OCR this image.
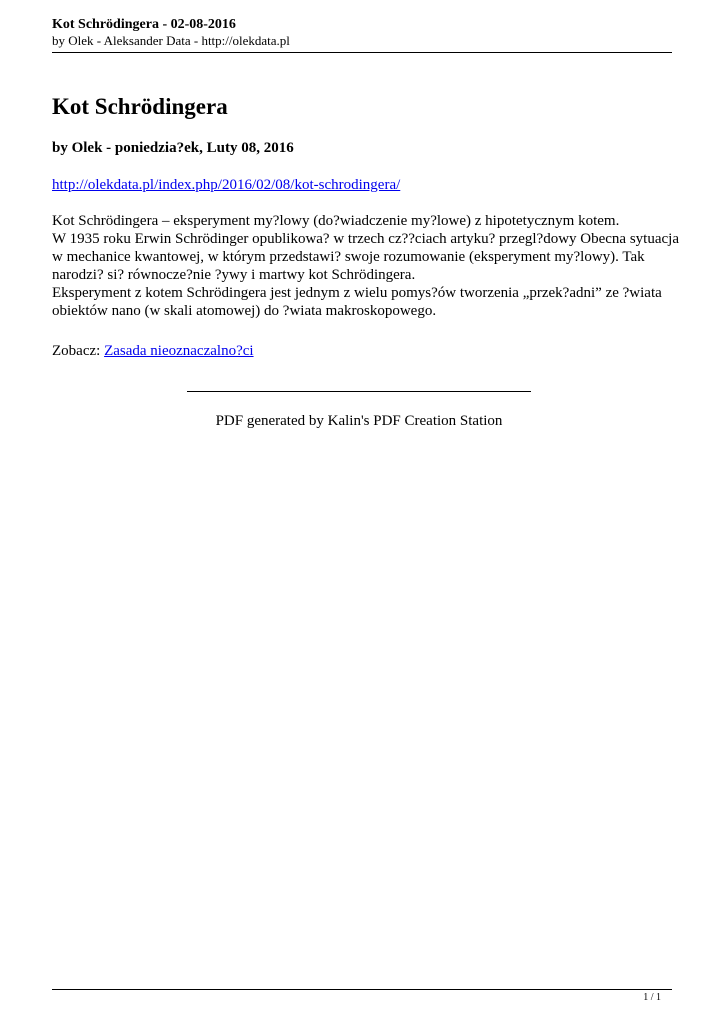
Kot Schrödingera - 02-08-2016
by Olek - Aleksander Data - http://olekdata.pl
Kot Schrödingera
by Olek - poniedzia?ek, Luty 08, 2016
http://olekdata.pl/index.php/2016/02/08/kot-schrodingera/
Kot Schrödingera – eksperyment my?lowy (do?wiadczenie my?lowe) z hipotetycznym kotem.
W 1935 roku Erwin Schrödinger opublikowa? w trzech cz??ciach artyku? przegl?dowy Obecna sytuacja
w mechanice kwantowej, w którym przedstawi? swoje rozumowanie (eksperyment my?lowy). Tak
narodzi? si? równocze?nie ?ywy i martwy kot Schrödingera.
Eksperyment z kotem Schrödingera jest jednym z wielu pomys?ów tworzenia „przek?adni” ze ?wiata
obiektów nano (w skali atomowej) do ?wiata makroskopowego.
Zobacz: Zasada nieoznaczalno?ci
PDF generated by Kalin's PDF Creation Station
1 / 1
